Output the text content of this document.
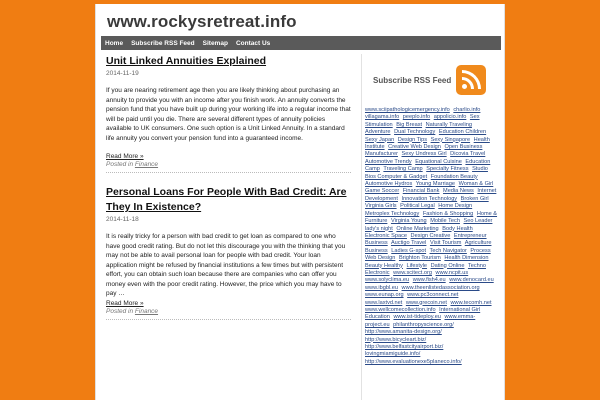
www.rockysretreat.info
Home	Subscribe RSS Feed	Sitemap	Contact Us
Unit Linked Annuities Explained
2014-11-19
If you are nearing retirement age then you are likely thinking about purchasing an annuity to provide you with an income after you finish work. An annuity converts the pension fund that you have built up during your working life into a regular income that will be paid until you die. There are several different types of annuity policies available to UK consumers. One such option is a Unit Linked Annuity. In a standard life annuity you convert your pension fund into a guaranteed income.
Read More »
Posted in Finance
Personal Loans For People With Bad Credit: Are They In Existence?
2014-11-18
It is really tricky for a person with bad credit to get loan as compared to one who have good credit rating. But do not let this discourage you with the thinking that you may not be able to avail personal loan for people with bad credit. Your loan application might be refused by financial institutions a few times but with persistent effort, you can obtain such loan because there are companies who can offer you money even with the poor credit rating. However, the price which you may have to pay …
Read More »
Posted in Finance
Subscribe RSS Feed
www.sciipathologicemergency.info charlio.info villagama.info peeplo.info appolicio.info Sex Stimulation Big Breast Naturally Traveling Adventure Dual Technology Education Children Sexy Japan Design Tips Sexy Singapore Health Institute Creative Web Design Open Business Manufacturer Sexy Undress Girl Dicovia Travel Automotive Trendy Equational Cuisine Education Camp Traveling Camp Specialty Fitness Studio Bios Computer & Gadget Foundation Beauty Automotive Hydros Young Marriage Woman & Girl Game Soccer Financial Bank Media News Internet Development Innovation Technology Broken Girl Virginia Girls Political Legal Home Design Metroplex Technology Fashion & Shopping Home & Furniture Virginia Young Mobile Tech Seo Leader lady's night Online Marketing Body Health Electronic Space Design Creative Entrepreneur Business Auctigo Travel Visit Tourism Agriculture Business Ladies G-spot Tech Navigator Process Web Design Brighton Tourism Health Dimension Beauty Healthy Lifestyle Dating Online Techno Electronic www.scitect.org www.ncpit.us www.solyclima.eu www.fish4.eu www.denocard.eu www.ibgbl.eu www.theenlistedassociation.org www.eunap.org www.pc3connect.net www.laxtvd.net www.grecoin.net www.tecomh.net www.wellcomecollection.info International Girl Education www.ist-tideploy.eu www.emma-project.eu philanthropyscience.org/ http://www.amanita-design.org/ http://www.bicycleart.biz/ http://www.belfastcityairport.biz/ lovingmiamiguide.info/ http://www.evaluationexe5planeco.info/
